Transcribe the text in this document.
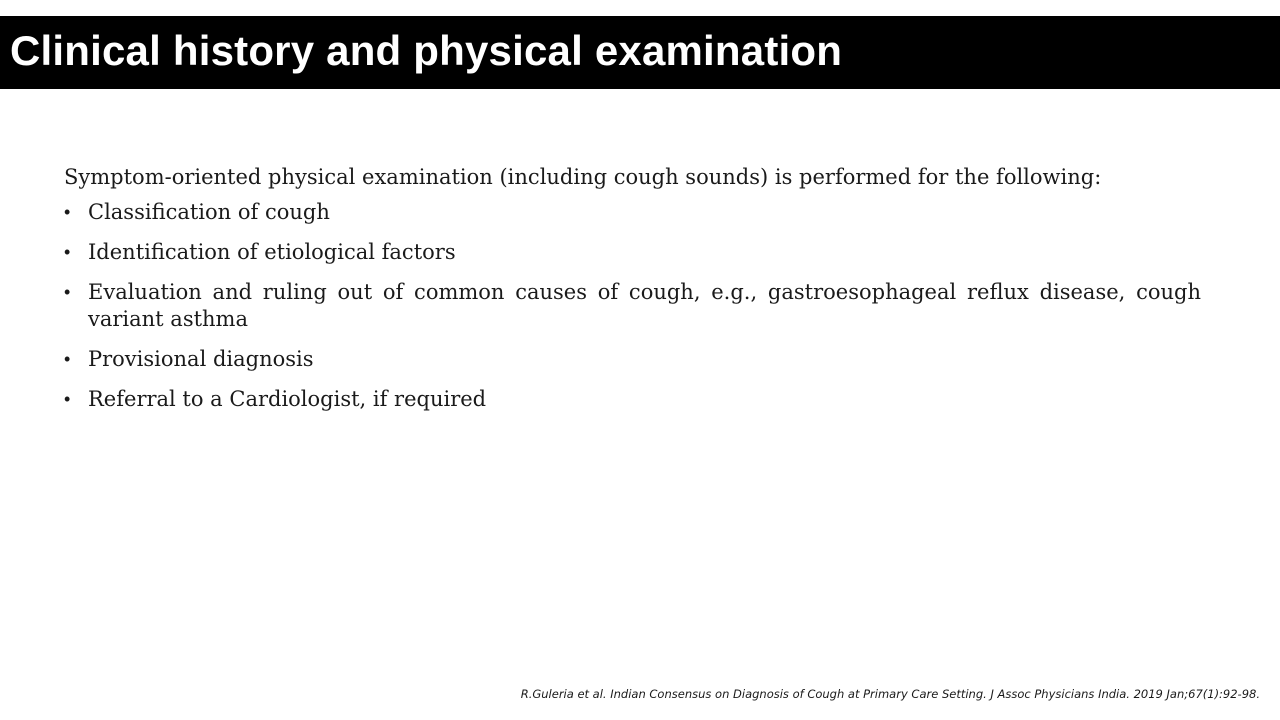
Clinical history and physical examination

Symptom-oriented physical examination (including cough sounds) is performed for the following:

• Classification of cough
• Identification of etiological factors
• Evaluation and ruling out of common causes of cough, e.g., gastroesophageal reflux disease, cough variant asthma
• Provisional diagnosis
• Referral to a Cardiologist, if required

R.Guleria et al. Indian Consensus on Diagnosis of Cough at Primary Care Setting. J Assoc Physicians India. 2019 Jan;67(1):92-98.
